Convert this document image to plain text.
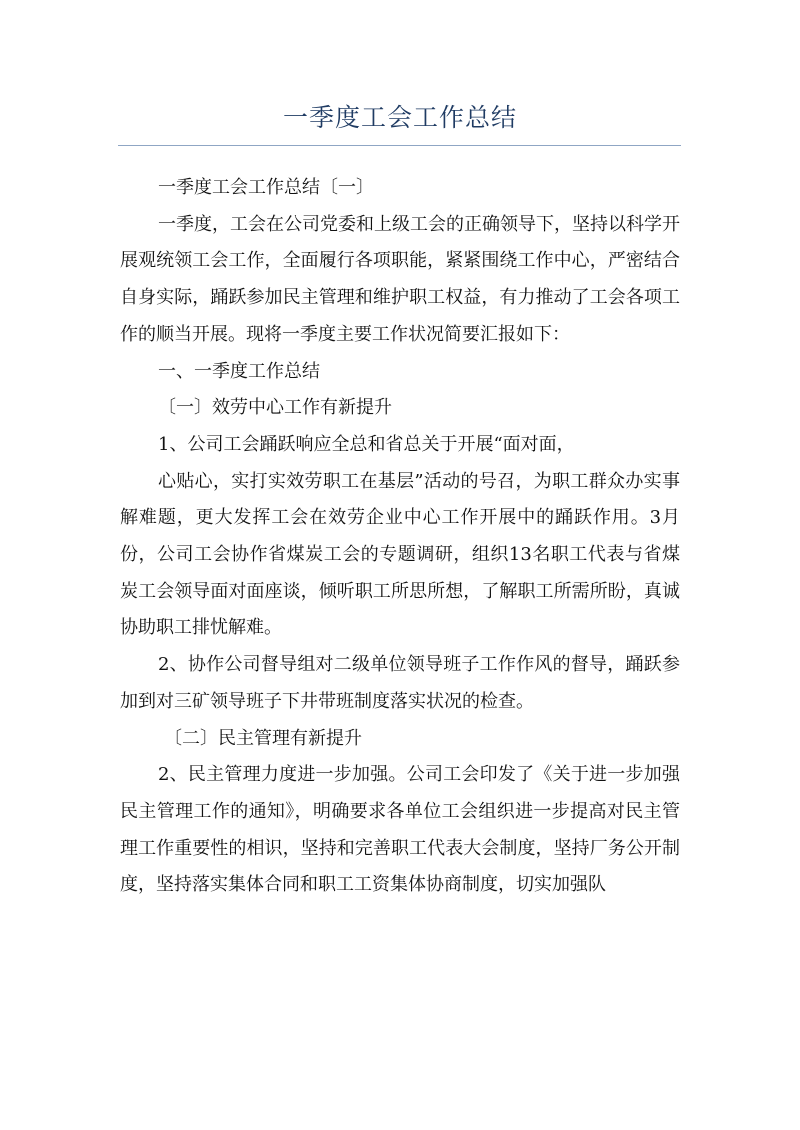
一季度工会工作总结

一季度工会工作总结〔一〕

一季度，工会在公司党委和上级工会的正确领导下，坚持以科学开展观统领工会工作，全面履行各项职能，紧紧围绕工作中心，严密结合自身实际，踊跃参加民主管理和维护职工权益，有力推动了工会各项工作的顺当开展。现将一季度主要工作状况简要汇报如下：

一、一季度工作总结

〔一〕效劳中心工作有新提升

1、公司工会踊跃响应全总和省总关于开展“面对面，

心贴心，实打实效劳职工在基层”活动的号召，为职工群众办实事解难题，更大发挥工会在效劳企业中心工作开展中的踊跃作用。3月份，公司工会协作省煤炭工会的专题调研，组织13名职工代表与省煤炭工会领导面对面座谈，倾听职工所思所想，了解职工所需所盼，真诚协助职工排忧解难。

2、协作公司督导组对二级单位领导班子工作作风的督导，踊跃参加到对三矿领导班子下井带班制度落实状况的检查。

〔二〕民主管理有新提升

2、民主管理力度进一步加强。公司工会印发了《关于进一步加强民主管理工作的通知》，明确要求各单位工会组织进一步提高对民主管理工作重要性的相识，坚持和完善职工代表大会制度，坚持厂务公开制度，坚持落实集体合同和职工工资集体协商制度，切实加强队
